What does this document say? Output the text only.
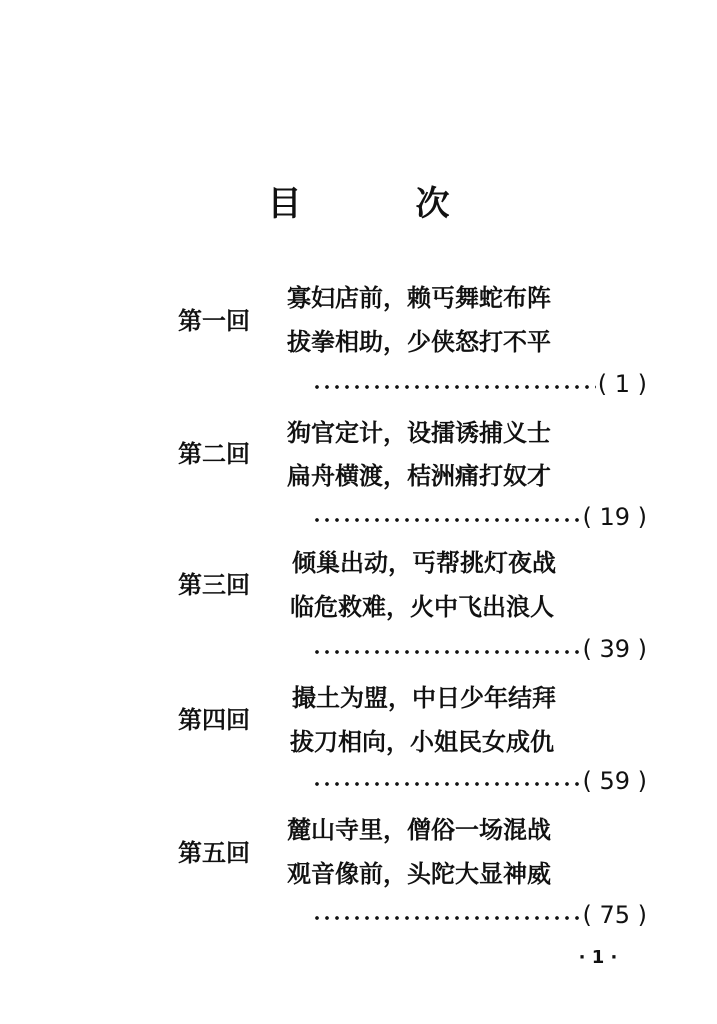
目　次
第一回
寡妇店前，赖丐舞蛇布阵
拔拳相助，少侠怒打不平
( 1 )
第二回
狗官定计，设擂诱捕义士
扁舟横渡，桔洲痛打奴才
( 19 )
第三回
倾巢出动，丐帮挑灯夜战
临危救难，火中飞出浪人
( 39 )
第四回
撮土为盟，中日少年结拜
拔刀相向，小姐民女成仇
( 59 )
第五回
麓山寺里，僧俗一场混战
观音像前，头陀大显神威
( 75 )
· 1 ·
